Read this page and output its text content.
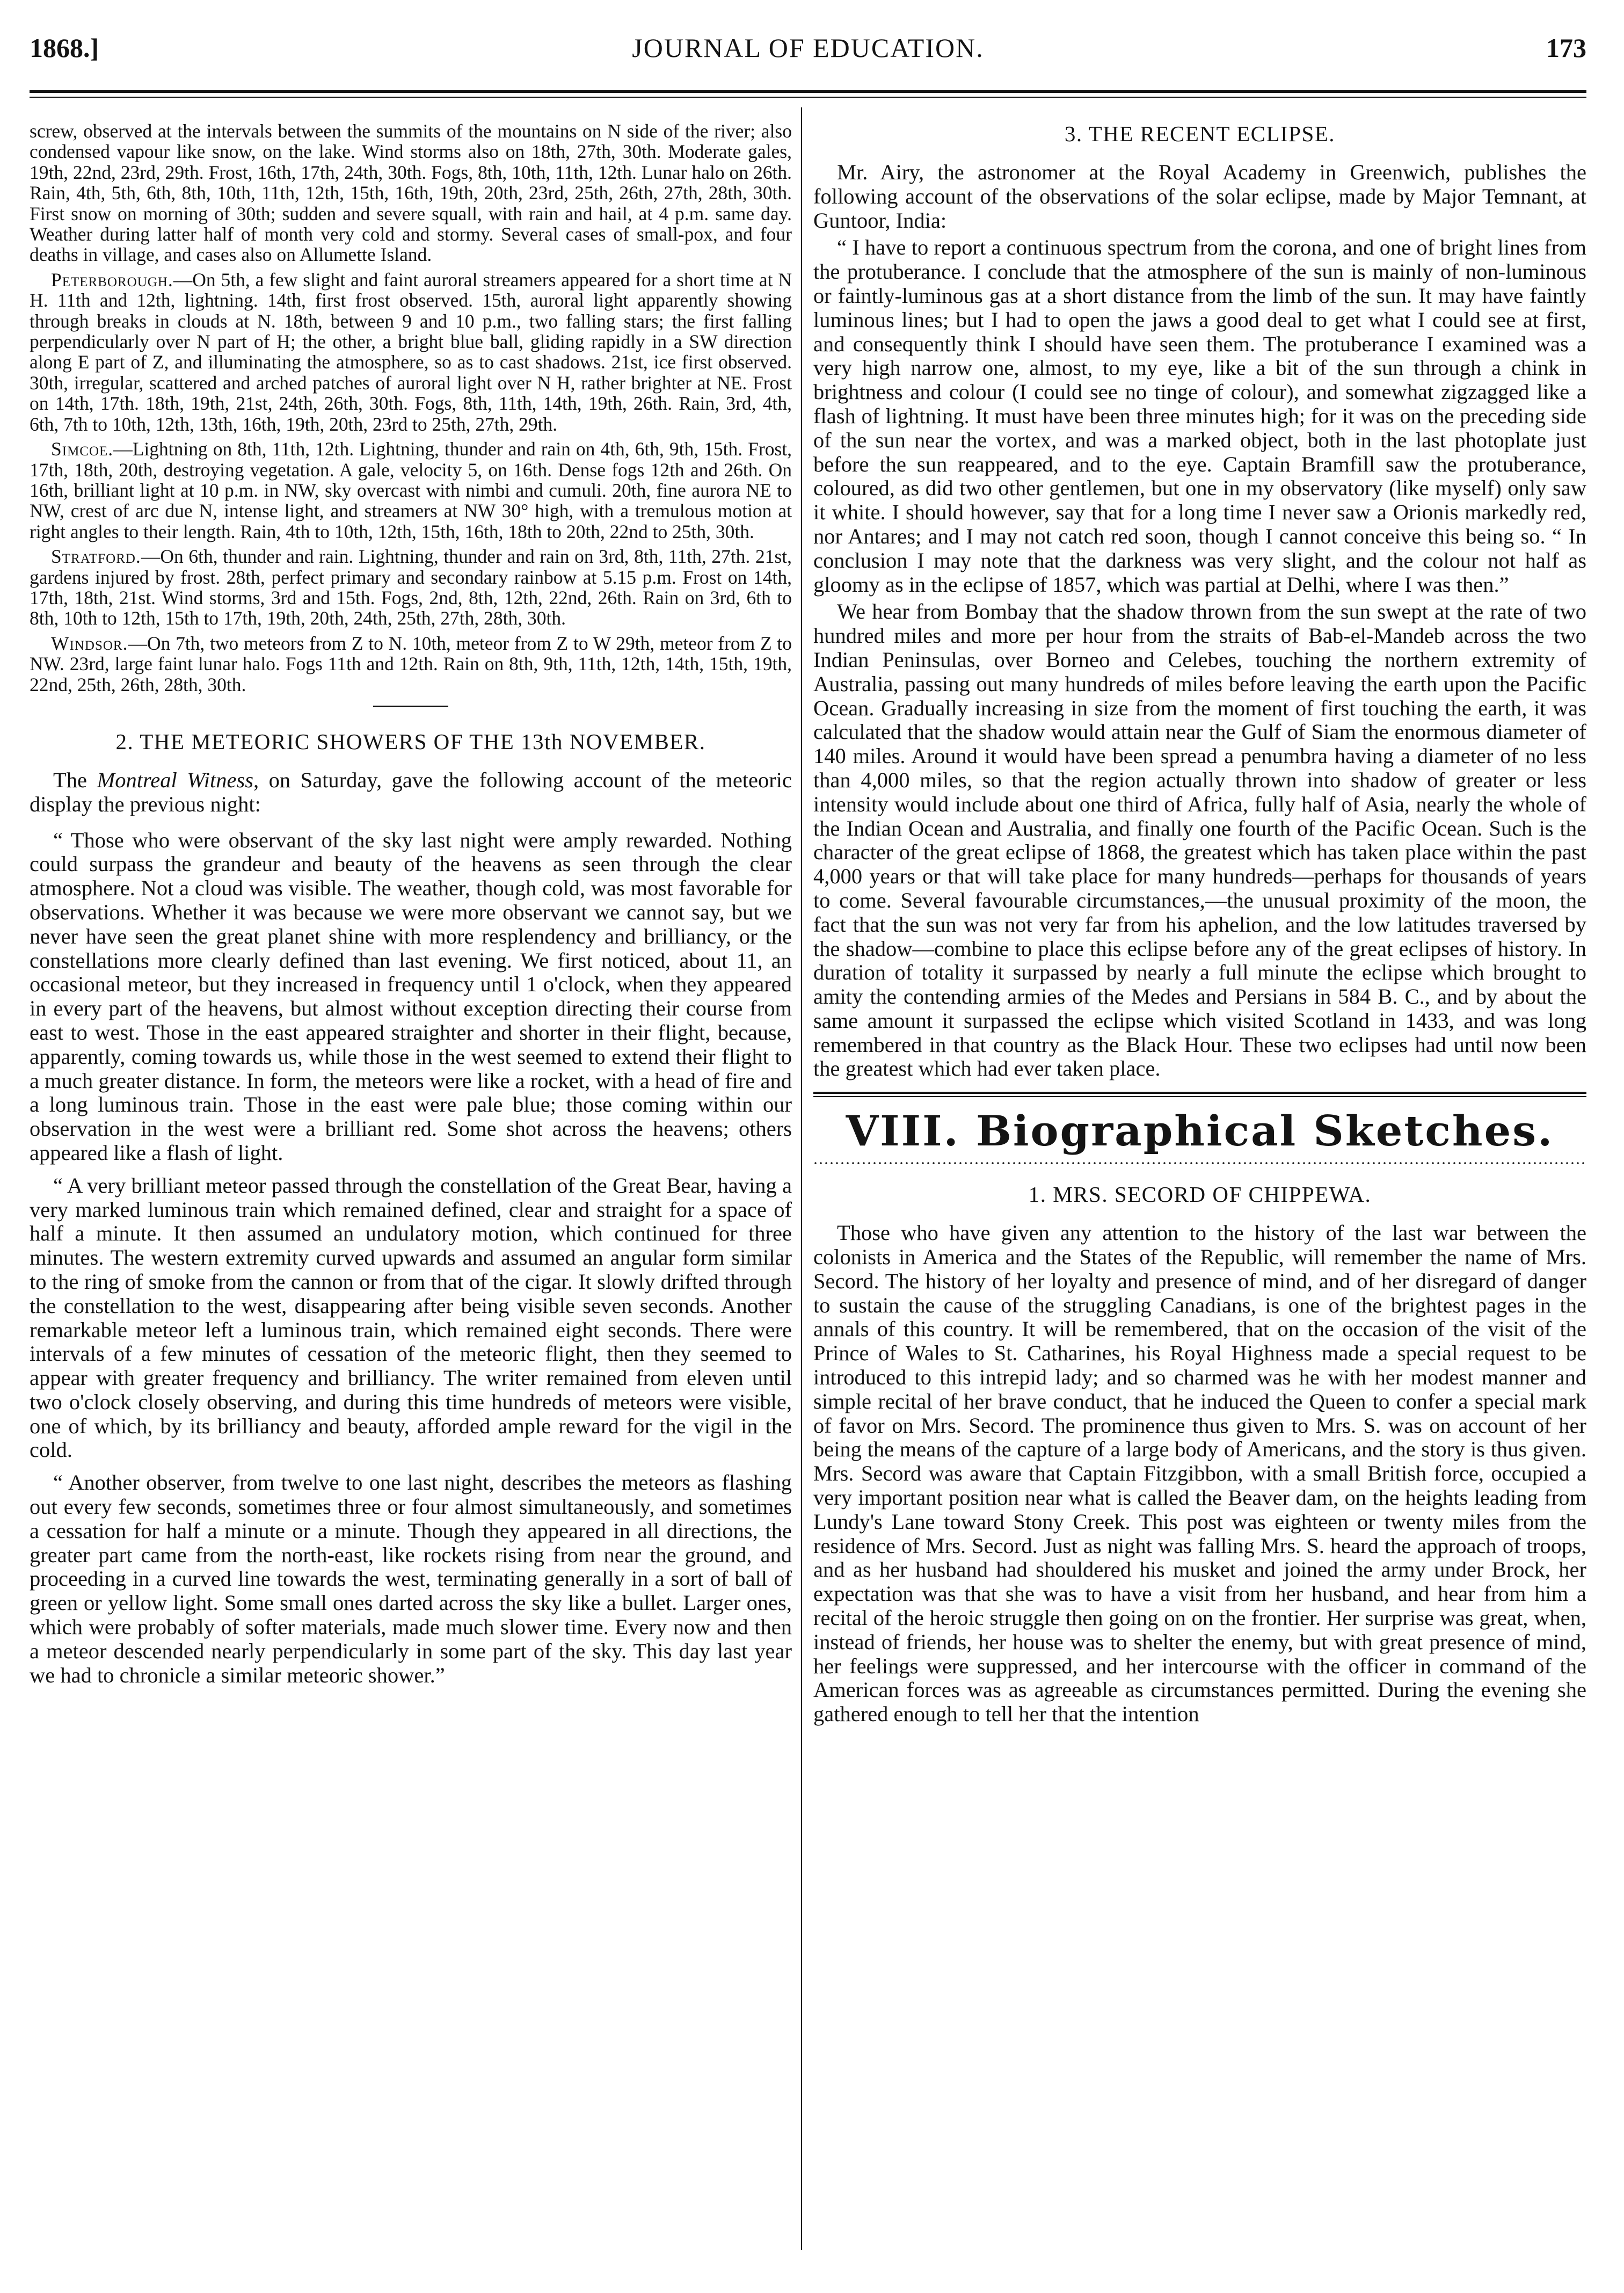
1868.]	JOURNAL OF EDUCATION.	173

screw, observed at the intervals between the summits of the mountains on N side of the river; also condensed vapour like snow, on the lake. Wind storms also on 18th, 27th, 30th. Moderate gales, 19th, 22nd, 23rd, 29th. Frost, 16th, 17th, 24th, 30th. Fogs, 8th, 10th, 11th, 12th. Lunar halo on 26th. Rain, 4th, 5th, 6th, 8th, 10th, 11th, 12th, 15th, 16th, 19th, 20th, 23rd, 25th, 26th, 27th, 28th, 30th. First snow on morning of 30th; sudden and severe squall, with rain and hail, at 4 p.m. same day. Weather during latter half of month very cold and stormy. Several cases of small-pox, and four deaths in village, and cases also on Allumette Island.

Peterborough.—On 5th, a few slight and faint auroral streamers appeared for a short time at N H. 11th and 12th, lightning. 14th, first frost observed. 15th, auroral light apparently showing through breaks in clouds at N. 18th, between 9 and 10 p.m., two falling stars; the first falling perpendicularly over N part of H; the other, a bright blue ball, gliding rapidly in a SW direction along E part of Z, and illuminating the atmosphere, so as to cast shadows. 21st, ice first observed. 30th, irregular, scattered and arched patches of auroral light over N H, rather brighter at NE. Frost on 14th, 17th. 18th, 19th, 21st, 24th, 26th, 30th. Fogs, 8th, 11th, 14th, 19th, 26th. Rain, 3rd, 4th, 6th, 7th to 10th, 12th, 13th, 16th, 19th, 20th, 23rd to 25th, 27th, 29th.

Simcoe.—Lightning on 8th, 11th, 12th. Lightning, thunder and rain on 4th, 6th, 9th, 15th. Frost, 17th, 18th, 20th, destroying vegetation. A gale, velocity 5, on 16th. Dense fogs 12th and 26th. On 16th, brilliant light at 10 p.m. in NW, sky overcast with nimbi and cumuli. 20th, fine aurora NE to NW, crest of arc due N, intense light, and streamers at NW 30° high, with a tremulous motion at right angles to their length. Rain, 4th to 10th, 12th, 15th, 16th, 18th to 20th, 22nd to 25th, 30th.

Stratford.—On 6th, thunder and rain. Lightning, thunder and rain on 3rd, 8th, 11th, 27th. 21st, gardens injured by frost. 28th, perfect primary and secondary rainbow at 5.15 p.m. Frost on 14th, 17th, 18th, 21st. Wind storms, 3rd and 15th. Fogs, 2nd, 8th, 12th, 22nd, 26th. Rain on 3rd, 6th to 8th, 10th to 12th, 15th to 17th, 19th, 20th, 24th, 25th, 27th, 28th, 30th.

Windsor.—On 7th, two meteors from Z to N. 10th, meteor from Z to W 29th, meteor from Z to NW. 23rd, large faint lunar halo. Fogs 11th and 12th. Rain on 8th, 9th, 11th, 12th, 14th, 15th, 19th, 22nd, 25th, 26th, 28th, 30th.

2. THE METEORIC SHOWERS OF THE 13th NOVEMBER.

The Montreal Witness, on Saturday, gave the following account of the meteoric display the previous night:

“ Those who were observant of the sky last night were amply rewarded. Nothing could surpass the grandeur and beauty of the heavens as seen through the clear atmosphere. Not a cloud was visible. The weather, though cold, was most favorable for observations. Whether it was because we were more observant we cannot say, but we never have seen the great planet shine with more resplendency and brilliancy, or the constellations more clearly defined than last evening. We first noticed, about 11, an occasional meteor, but they increased in frequency until 1 o'clock, when they appeared in every part of the heavens, but almost without exception directing their course from east to west. Those in the east appeared straighter and shorter in their flight, because, apparently, coming towards us, while those in the west seemed to extend their flight to a much greater distance. In form, the meteors were like a rocket, with a head of fire and a long luminous train. Those in the east were pale blue; those coming within our observation in the west were a brilliant red. Some shot across the heavens; others appeared like a flash of light.

“ A very brilliant meteor passed through the constellation of the Great Bear, having a very marked luminous train which remained defined, clear and straight for a space of half a minute. It then assumed an undulatory motion, which continued for three minutes. The western extremity curved upwards and assumed an angular form similar to the ring of smoke from the cannon or from that of the cigar. It slowly drifted through the constellation to the west, disappearing after being visible seven seconds. Another remarkable meteor left a luminous train, which remained eight seconds. There were intervals of a few minutes of cessation of the meteoric flight, then they seemed to appear with greater frequency and brilliancy. The writer remained from eleven until two o'clock closely observing, and during this time hundreds of meteors were visible, one of which, by its brilliancy and beauty, afforded ample reward for the vigil in the cold.

“ Another observer, from twelve to one last night, describes the meteors as flashing out every few seconds, sometimes three or four almost simultaneously, and sometimes a cessation for half a minute or a minute. Though they appeared in all directions, the greater part came from the north-east, like rockets rising from near the ground, and proceeding in a curved line towards the west, terminating generally in a sort of ball of green or yellow light. Some small ones darted across the sky like a bullet. Larger ones, which were probably of softer materials, made much slower time. Every now and then a meteor descended nearly perpendicularly in some part of the sky. This day last year we had to chronicle a similar meteoric shower.”

3. THE RECENT ECLIPSE.

Mr. Airy, the astronomer at the Royal Academy in Greenwich, publishes the following account of the observations of the solar eclipse, made by Major Temnant, at Guntoor, India:

“ I have to report a continuous spectrum from the corona, and one of bright lines from the protuberance. I conclude that the atmosphere of the sun is mainly of non-luminous or faintly-luminous gas at a short distance from the limb of the sun. It may have faintly luminous lines; but I had to open the jaws a good deal to get what I could see at first, and consequently think I should have seen them. The protuberance I examined was a very high narrow one, almost, to my eye, like a bit of the sun through a chink in brightness and colour (I could see no tinge of colour), and somewhat zigzagged like a flash of lightning. It must have been three minutes high; for it was on the preceding side of the sun near the vortex, and was a marked object, both in the last photoplate just before the sun reappeared, and to the eye. Captain Bramfill saw the protuberance, coloured, as did two other gentlemen, but one in my observatory (like myself) only saw it white. I should however, say that for a long time I never saw a Orionis markedly red, nor Antares; and I may not catch red soon, though I cannot conceive this being so. “ In conclusion I may note that the darkness was very slight, and the colour not half as gloomy as in the eclipse of 1857, which was partial at Delhi, where I was then.”

We hear from Bombay that the shadow thrown from the sun swept at the rate of two hundred miles and more per hour from the straits of Bab-el-Mandeb across the two Indian Peninsulas, over Borneo and Celebes, touching the northern extremity of Australia, passing out many hundreds of miles before leaving the earth upon the Pacific Ocean. Gradually increasing in size from the moment of first touching the earth, it was calculated that the shadow would attain near the Gulf of Siam the enormous diameter of 140 miles. Around it would have been spread a penumbra having a diameter of no less than 4,000 miles, so that the region actually thrown into shadow of greater or less intensity would include about one third of Africa, fully half of Asia, nearly the whole of the Indian Ocean and Australia, and finally one fourth of the Pacific Ocean. Such is the character of the great eclipse of 1868, the greatest which has taken place within the past 4,000 years or that will take place for many hundreds—perhaps for thousands of years to come. Several favourable circumstances,—the unusual proximity of the moon, the fact that the sun was not very far from his aphelion, and the low latitudes traversed by the shadow—combine to place this eclipse before any of the great eclipses of history. In duration of totality it surpassed by nearly a full minute the eclipse which brought to amity the contending armies of the Medes and Persians in 584 B. C., and by about the same amount it surpassed the eclipse which visited Scotland in 1433, and was long remembered in that country as the Black Hour. These two eclipses had until now been the greatest which had ever taken place.

VIII. Biographical Sketches.
1. MRS. SECORD OF CHIPPEWA.

Those who have given any attention to the history of the last war between the colonists in America and the States of the Republic, will remember the name of Mrs. Secord. The history of her loyalty and presence of mind, and of her disregard of danger to sustain the cause of the struggling Canadians, is one of the brightest pages in the annals of this country. It will be remembered, that on the occasion of the visit of the Prince of Wales to St. Catharines, his Royal Highness made a special request to be introduced to this intrepid lady; and so charmed was he with her modest manner and simple recital of her brave conduct, that he induced the Queen to confer a special mark of favor on Mrs. Secord. The prominence thus given to Mrs. S. was on account of her being the means of the capture of a large body of Americans, and the story is thus given. Mrs. Secord was aware that Captain Fitzgibbon, with a small British force, occupied a very important position near what is called the Beaver dam, on the heights leading from Lundy's Lane toward Stony Creek. This post was eighteen or twenty miles from the residence of Mrs. Secord. Just as night was falling Mrs. S. heard the approach of troops, and as her husband had shouldered his musket and joined the army under Brock, her expectation was that she was to have a visit from her husband, and hear from him a recital of the heroic struggle then going on on the frontier. Her surprise was great, when, instead of friends, her house was to shelter the enemy, but with great presence of mind, her feelings were suppressed, and her intercourse with the officer in command of the American forces was as agreeable as circumstances permitted. During the evening she gathered enough to tell her that the intention
